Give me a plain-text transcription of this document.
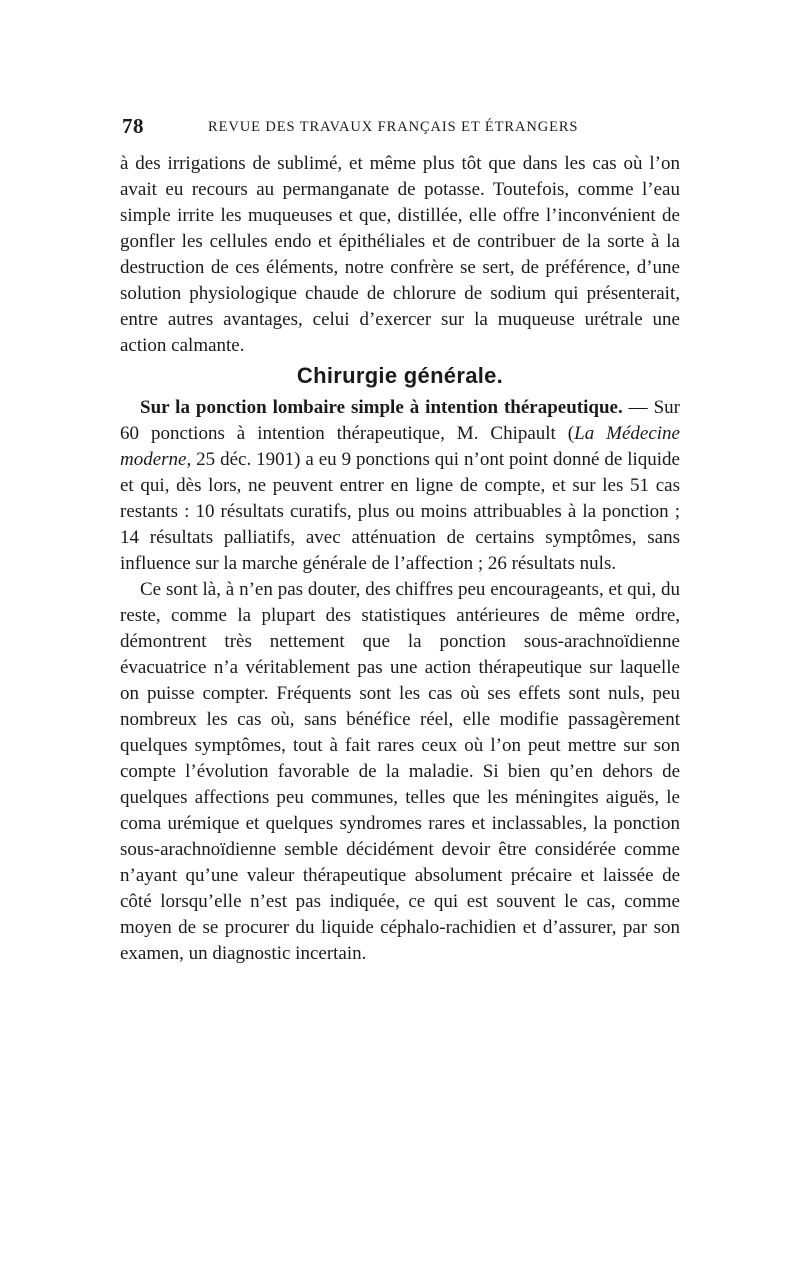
78	REVUE DES TRAVAUX FRANÇAIS ET ÉTRANGERS

à des irrigations de sublimé, et même plus tôt que dans les cas où l’on avait eu recours au permanganate de potasse. Toutefois, comme l’eau simple irrite les muqueuses et que, distillée, elle offre l’inconvénient de gonfler les cellules endo et épithéliales et de contribuer de la sorte à la destruction de ces éléments, notre confrère se sert, de préférence, d’une solution physiologique chaude de chlorure de sodium qui présenterait, entre autres avantages, celui d’exercer sur la muqueuse urétrale une action calmante.

Chirurgie générale.

Sur la ponction lombaire simple à intention thérapeutique. — Sur 60 ponctions à intention thérapeutique, M. Chipault (La Médecine moderne, 25 déc. 1901) a eu 9 ponctions qui n’ont point donné de liquide et qui, dès lors, ne peuvent entrer en ligne de compte, et sur les 51 cas restants : 10 résultats curatifs, plus ou moins attribuables à la ponction ; 14 résultats palliatifs, avec atténuation de certains symptômes, sans influence sur la marche générale de l’affection ; 26 résultats nuls.

Ce sont là, à n’en pas douter, des chiffres peu encourageants, et qui, du reste, comme la plupart des statistiques antérieures de même ordre, démontrent très nettement que la ponction sous-arachnoïdienne évacuatrice n’a véritablement pas une action thérapeutique sur laquelle on puisse compter. Fréquents sont les cas où ses effets sont nuls, peu nombreux les cas où, sans bénéfice réel, elle modifie passagèrement quelques symptômes, tout à fait rares ceux où l’on peut mettre sur son compte l’évolution favorable de la maladie. Si bien qu’en dehors de quelques affections peu communes, telles que les méningites aiguës, le coma urémique et quelques syndromes rares et inclassables, la ponction sous-arachnoïdienne semble décidément devoir être considérée comme n’ayant qu’une valeur thérapeutique absolument précaire et laissée de côté lorsqu’elle n’est pas indiquée, ce qui est souvent le cas, comme moyen de se procurer du liquide céphalo-rachidien et d’assurer, par son examen, un diagnostic incertain.
